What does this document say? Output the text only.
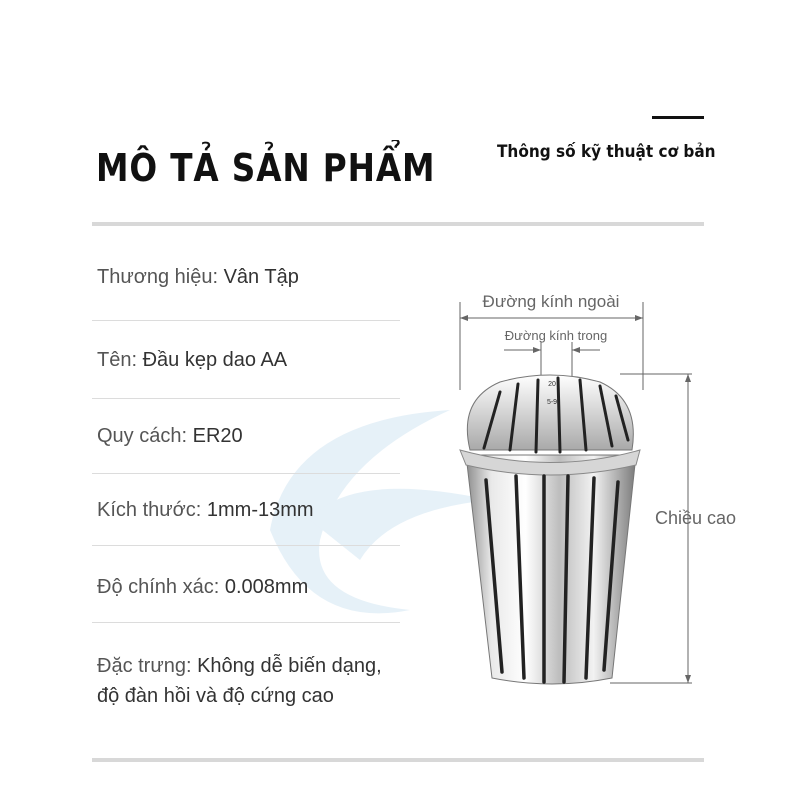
MÔ TẢ SẢN PHẨM	Thông số kỹ thuật cơ bản
Thương hiệu: Vân Tập
Tên: Đầu kẹp dao AA
Quy cách: ER20
Kích thước: 1mm-13mm
Độ chính xác: 0.008mm
Đặc trưng: Không dễ biến dạng,
độ đàn hồi và độ cứng cao
Đường kính ngoài
Đường kính trong
Chiều cao
20
5-9
